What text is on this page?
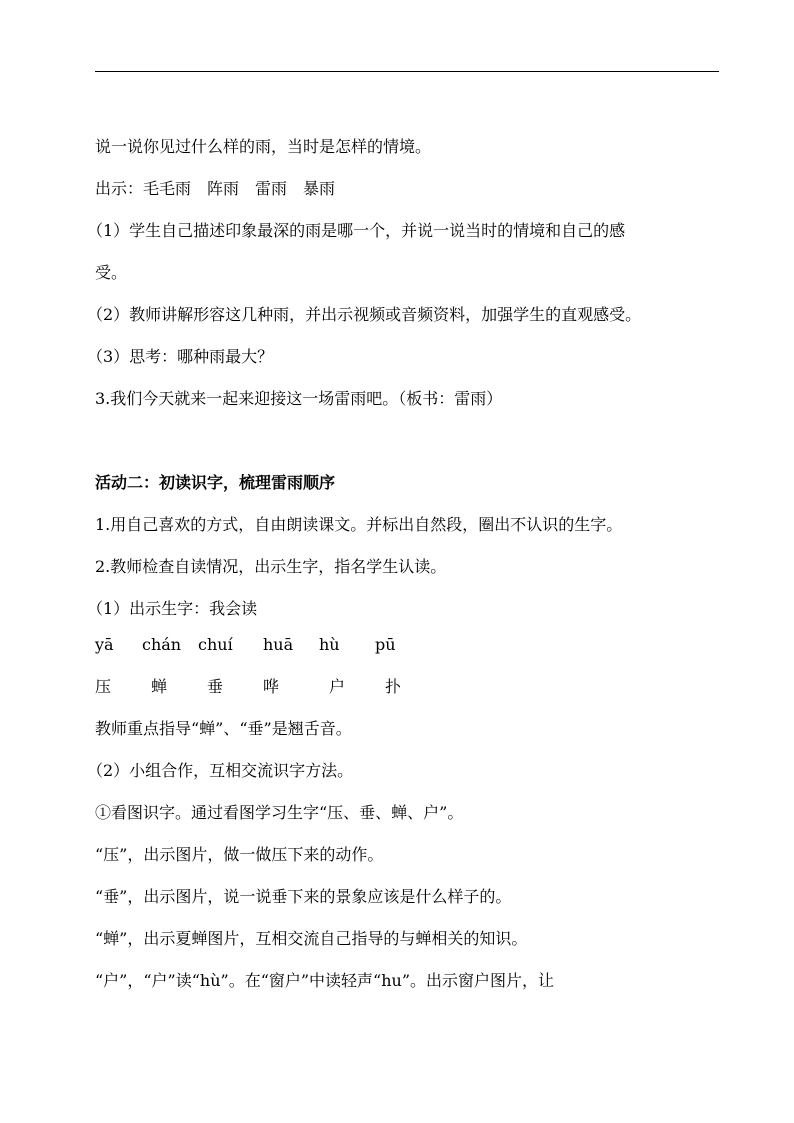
说一说你见过什么样的雨，当时是怎样的情境。
出示：毛毛雨　阵雨　雷雨　暴雨
（1）学生自己描述印象最深的雨是哪一个，并说一说当时的情境和自己的感
受。
（2）教师讲解形容这几种雨，并出示视频或音频资料，加强学生的直观感受。
（3）思考：哪种雨最大？
3.我们今天就来一起来迎接这一场雷雨吧。（板书：雷雨）
活动二：初读识字，梳理雷雨顺序
1.用自己喜欢的方式，自由朗读课文。并标出自然段，圈出不认识的生字。
2.教师检查自读情况，出示生字，指名学生认读。
（1）出示生字：我会读
yā chán chuí huā hù pū
压 蝉 垂 哗	户 扑
教师重点指导“蝉”、“垂”是翘舌音。
（2）小组合作，互相交流识字方法。
①看图识字。通过看图学习生字“压、垂、蝉、户”。
“压”，出示图片，做一做压下来的动作。
“垂”，出示图片，说一说垂下来的景象应该是什么样子的。
“蝉”，出示夏蝉图片，互相交流自己指导的与蝉相关的知识。
“户”，“户”读“hù”。在“窗户”中读轻声“hu”。出示窗户图片，让
